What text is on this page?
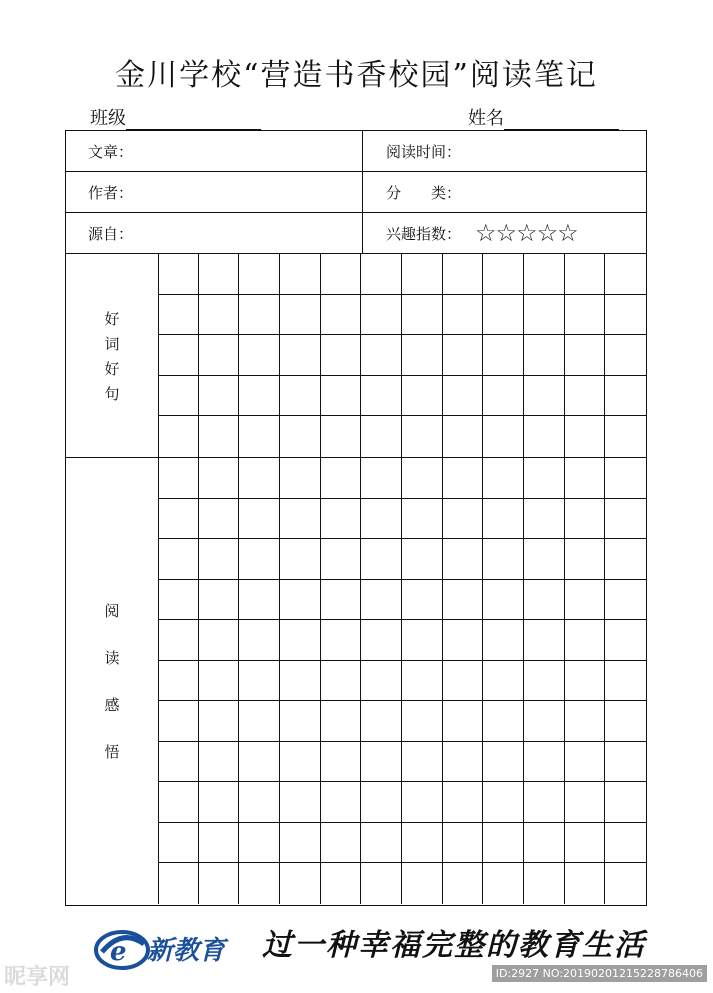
金川学校“营造书香校园”阅读笔记
班级	姓名
文章：	阅读时间：
作者：	分　　类：
源自：	兴趣指数： ☆☆☆☆☆
好
词
好
句
阅
读
感
悟
e 新教育 过一种幸福完整的教育生活
昵享网	ID:2927 NO:20190201215228786406
